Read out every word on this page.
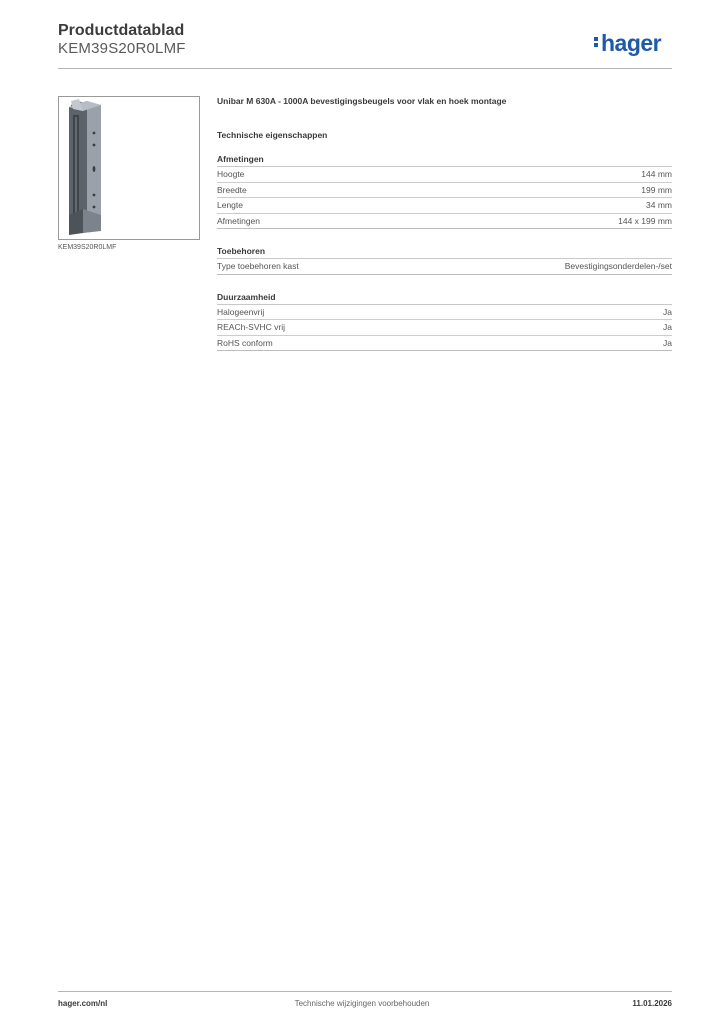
Productdatablad
KEM39S20R0LMF	hager
KEM39S20R0LMF

Unibar M 630A - 1000A bevestigingsbeugels voor vlak en hoek montage

Technische eigenschappen

Afmetingen
Hoogte	144 mm
Breedte	199 mm
Lengte	34 mm
Afmetingen	144 x 199 mm
Toebehoren
Type toebehoren kast	Bevestigingsonderdelen-/set
Duurzaamheid
Halogeenvrij	Ja
REACh-SVHC vrij	Ja
RoHS conform	Ja
hager.com/nl	Technische wijzigingen voorbehouden	11.01.2026
